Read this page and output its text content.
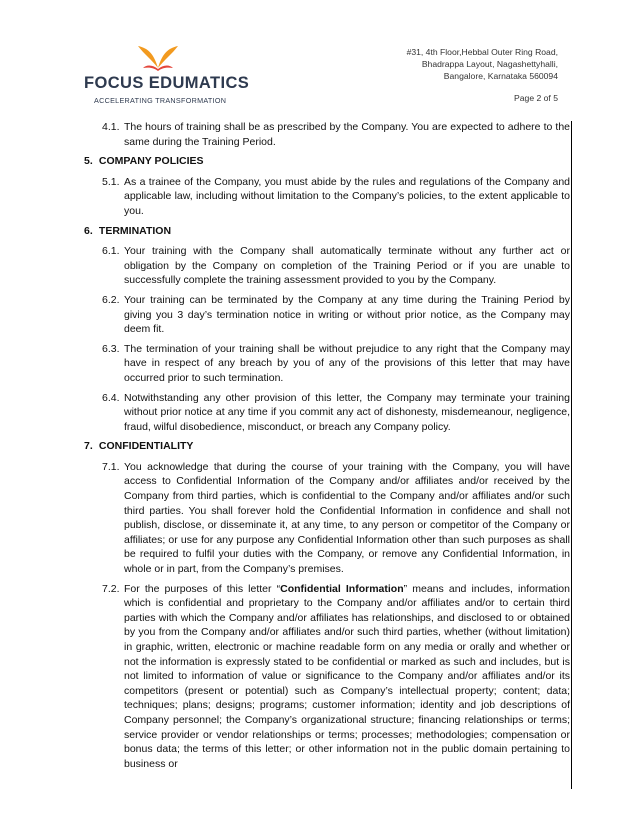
FOCUS EDUMATICS
ACCELERATING TRANSFORMATION
#31, 4th Floor,Hebbal Outer Ring Road,
Bhadrappa Layout, Nagashettyhalli,
Bangalore, Karnataka 560094
Page 2 of 5
4.1. The hours of training shall be as prescribed by the Company. You are expected to adhere to the same during the Training Period.
5. COMPANY POLICIES
5.1. As a trainee of the Company, you must abide by the rules and regulations of the Company and applicable law, including without limitation to the Company’s policies, to the extent applicable to you.
6. TERMINATION
6.1. Your training with the Company shall automatically terminate without any further act or obligation by the Company on completion of the Training Period or if you are unable to successfully complete the training assessment provided to you by the Company.
6.2. Your training can be terminated by the Company at any time during the Training Period by giving you 3 day’s termination notice in writing or without prior notice, as the Company may deem fit.
6.3. The termination of your training shall be without prejudice to any right that the Company may have in respect of any breach by you of any of the provisions of this letter that may have occurred prior to such termination.
6.4. Notwithstanding any other provision of this letter, the Company may terminate your training without prior notice at any time if you commit any act of dishonesty, misdemeanour, negligence, fraud, wilful disobedience, misconduct, or breach any Company policy.
7. CONFIDENTIALITY
7.1. You acknowledge that during the course of your training with the Company, you will have access to Confidential Information of the Company and/or affiliates and/or received by the Company from third parties, which is confidential to the Company and/or affiliates and/or such third parties. You shall forever hold the Confidential Information in confidence and shall not publish, disclose, or disseminate it, at any time, to any person or competitor of the Company or affiliates; or use for any purpose any Confidential Information other than such purposes as shall be required to fulfil your duties with the Company, or remove any Confidential Information, in whole or in part, from the Company’s premises.
7.2. For the purposes of this letter “Confidential Information” means and includes, information which is confidential and proprietary to the Company and/or affiliates and/or to certain third parties with which the Company and/or affiliates has relationships, and disclosed to or obtained by you from the Company and/or affiliates and/or such third parties, whether (without limitation) in graphic, written, electronic or machine readable form on any media or orally and whether or not the information is expressly stated to be confidential or marked as such and includes, but is not limited to information of value or significance to the Company and/or affiliates and/or its competitors (present or potential) such as Company’s intellectual property; content; data; techniques; plans; designs; programs; customer information; identity and job descriptions of Company personnel; the Company’s organizational structure; financing relationships or terms; service provider or vendor relationships or terms; processes; methodologies; compensation or bonus data; the terms of this letter; or other information not in the public domain pertaining to business or
